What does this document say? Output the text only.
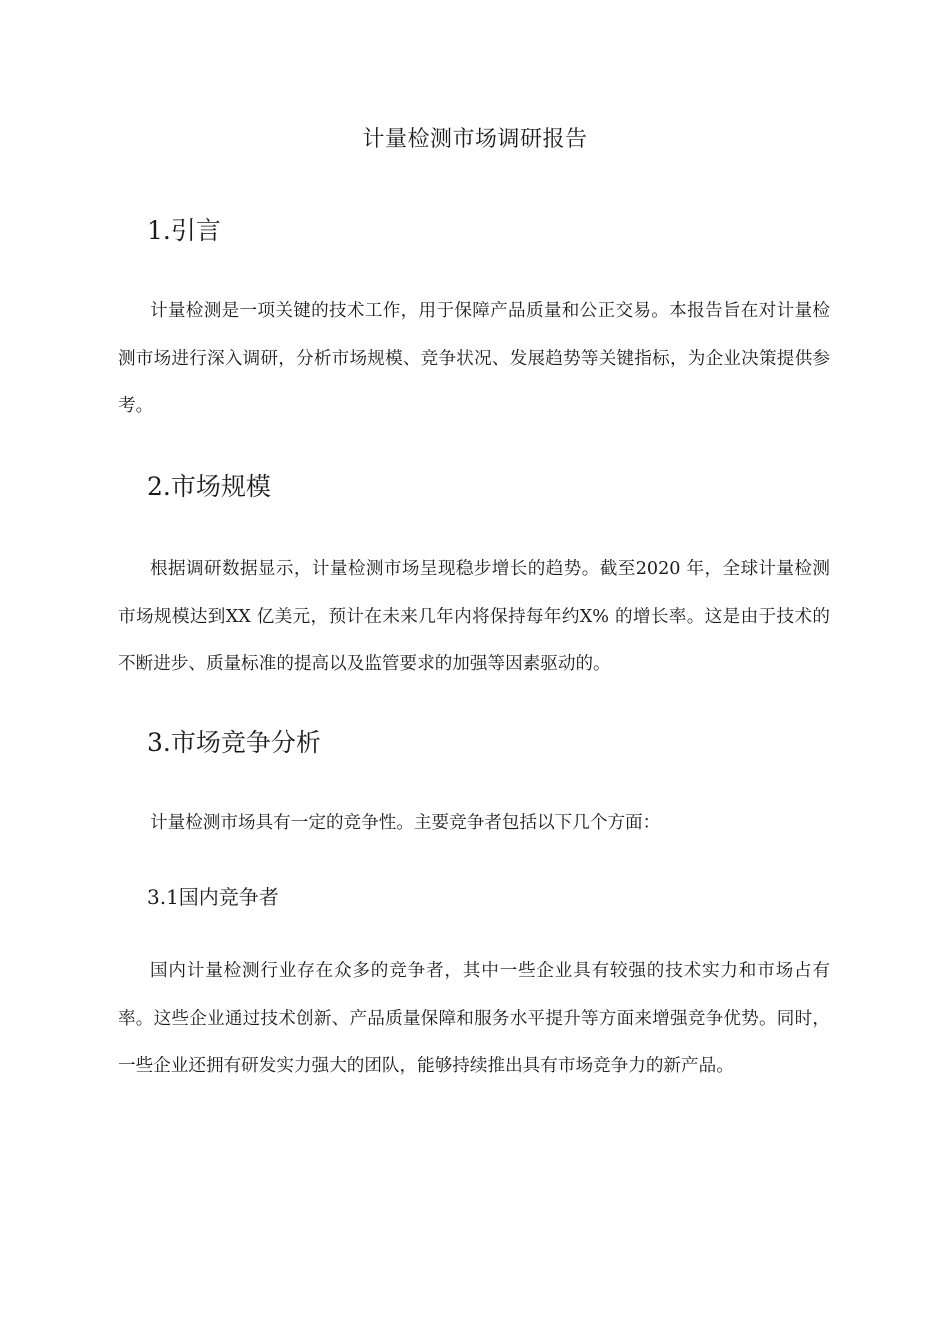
计量检测市场调研报告
1.引言

计量检测是一项关键的技术工作，用于保障产品质量和公正交易。本报告旨在对计量检测市场进行深入调研，分析市场规模、竞争状况、发展趋势等关键指标，为企业决策提供参考。

2.市场规模

根据调研数据显示，计量检测市场呈现稳步增长的趋势。截至2020 年，全球计量检测市场规模达到XX 亿美元，预计在未来几年内将保持每年约X% 的增长率。这是由于技术的不断进步、质量标准的提高以及监管要求的加强等因素驱动的。

3.市场竞争分析

计量检测市场具有一定的竞争性。主要竞争者包括以下几个方面：

3.1国内竞争者

国内计量检测行业存在众多的竞争者，其中一些企业具有较强的技术实力和市场占有率。这些企业通过技术创新、产品质量保障和服务水平提升等方面来增强竞争优势。同时，一些企业还拥有研发实力强大的团队，能够持续推出具有市场竞争力的新产品。
